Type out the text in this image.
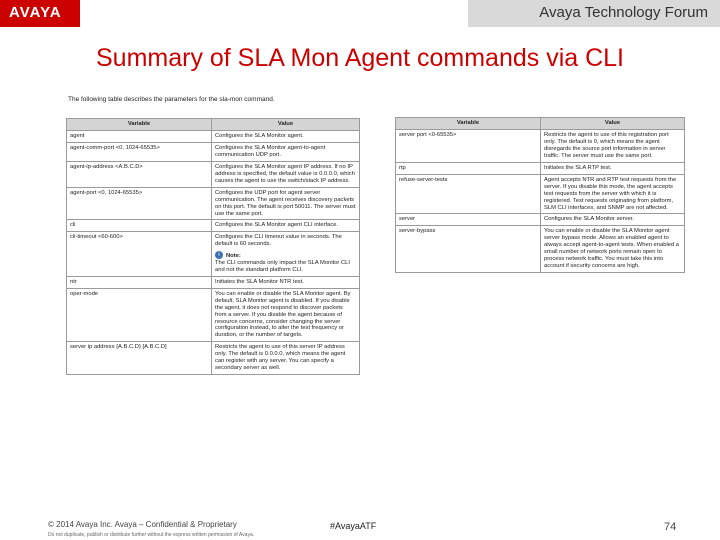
AVAYA	Avaya Technology Forum
Summary of SLA Mon Agent commands via CLI
The following table describes the parameters for the sla-mon command.
Variable	Value
agent	Configures the SLA Monitor agent.

agent-comm-port <0, 1024-65535>	Configures the SLA Monitor agent-to-agent communication UDP port.

agent-ip-address <A.B.C.D>	Configures the SLA Monitor agent IP address. If no IP address is specified, the default value is 0.0.0.0, which causes the agent to use the switch/stack IP address.

agent-port <0, 1024-65535>	Configures the UDP port for agent server communication. The agent receives discovery packets on this port. The default is port 50011. The server must use the same port.

cli	Configures the SLA Monitor agent CLI interface.

cli-timeout <60-600>	Configures the CLI timeout value in seconds. The default is 60 seconds.
i Note:
The CLI commands only impact the SLA Monitor CLI and not the standard platform CLI.

ntr	Initiates the SLA Monitor NTR test.

oper-mode	You can enable or disable the SLA Monitor agent. By default, SLA Monitor agent is disabled. If you disable the agent, it does not respond to discover packets from a server. If you disable the agent because of resource concerns, consider changing the server configuration instead, to alter the test frequency or duration, or the number of targets.

server ip address {A.B.C.D} [A.B.C.D]	Restricts the agent to use of this server IP address only. The default is 0.0.0.0, which means the agent can register with any server. You can specify a secondary server as well.
Variable	Value
server port <0-65535>	Restricts the agent to use of this registration port only. The default is 0, which means the agent disregards the source port information in server traffic. The server must use the same port.

rtp	Initiates the SLA RTP test.

refuse-server-tests	Agent accepts NTR and RTP test requests from the server. If you disable this mode, the agent accepts test requests from the server with which it is registered. Test requests originating from platform, SLM CLI interfaces, and SNMP are not affected.

server	Configures the SLA Monitor server.

server-bypass	You can enable or disable the SLA Monitor agent server bypass mode. Allows an enabled agent to always accept agent-to-agent tests. When enabled a small number of network ports remain open to process network traffic. You must take this into account if security concerns are high.
© 2014 Avaya Inc. Avaya – Confidential & Proprietary
Do not duplicate, publish or distribute further without the express written permission of Avaya.
#AvayaATF	74
